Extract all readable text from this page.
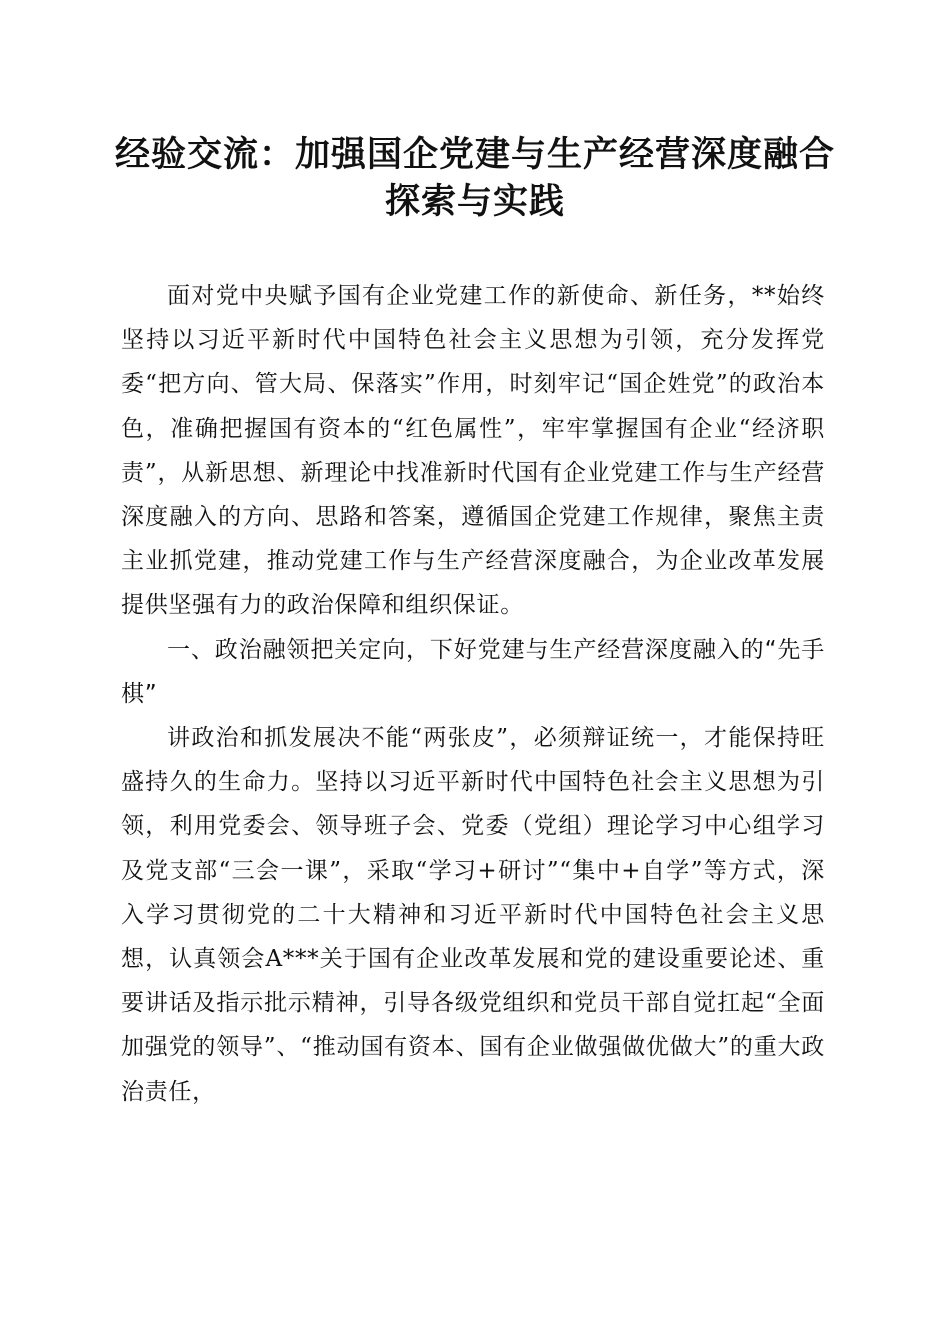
经验交流：加强国企党建与生产经营深度融合
探索与实践

面对党中央赋予国有企业党建工作的新使命、新任务，**始终坚持以习近平新时代中国特色社会主义思想为引领，充分发挥党委“把方向、管大局、保落实”作用，时刻牢记“国企姓党”的政治本色，准确把握国有资本的“红色属性”，牢牢掌握国有企业“经济职责”，从新思想、新理论中找准新时代国有企业党建工作与生产经营深度融入的方向、思路和答案，遵循国企党建工作规律，聚焦主责主业抓党建，推动党建工作与生产经营深度融合，为企业改革发展提供坚强有力的政治保障和组织保证。

一、政治融领把关定向，下好党建与生产经营深度融入的“先手棋”

讲政治和抓发展决不能“两张皮”，必须辩证统一，才能保持旺盛持久的生命力。坚持以习近平新时代中国特色社会主义思想为引领，利用党委会、领导班子会、党委（党组）理论学习中心组学习及党支部“三会一课”，采取“学习+研讨”“集中+自学”等方式，深入学习贯彻党的二十大精神和习近平新时代中国特色社会主义思想，认真领会A***关于国有企业改革发展和党的建设重要论述、重要讲话及指示批示精神，引导各级党组织和党员干部自觉扛起“全面加强党的领导”、“推动国有资本、国有企业做强做优做大”的重大政治责任，
